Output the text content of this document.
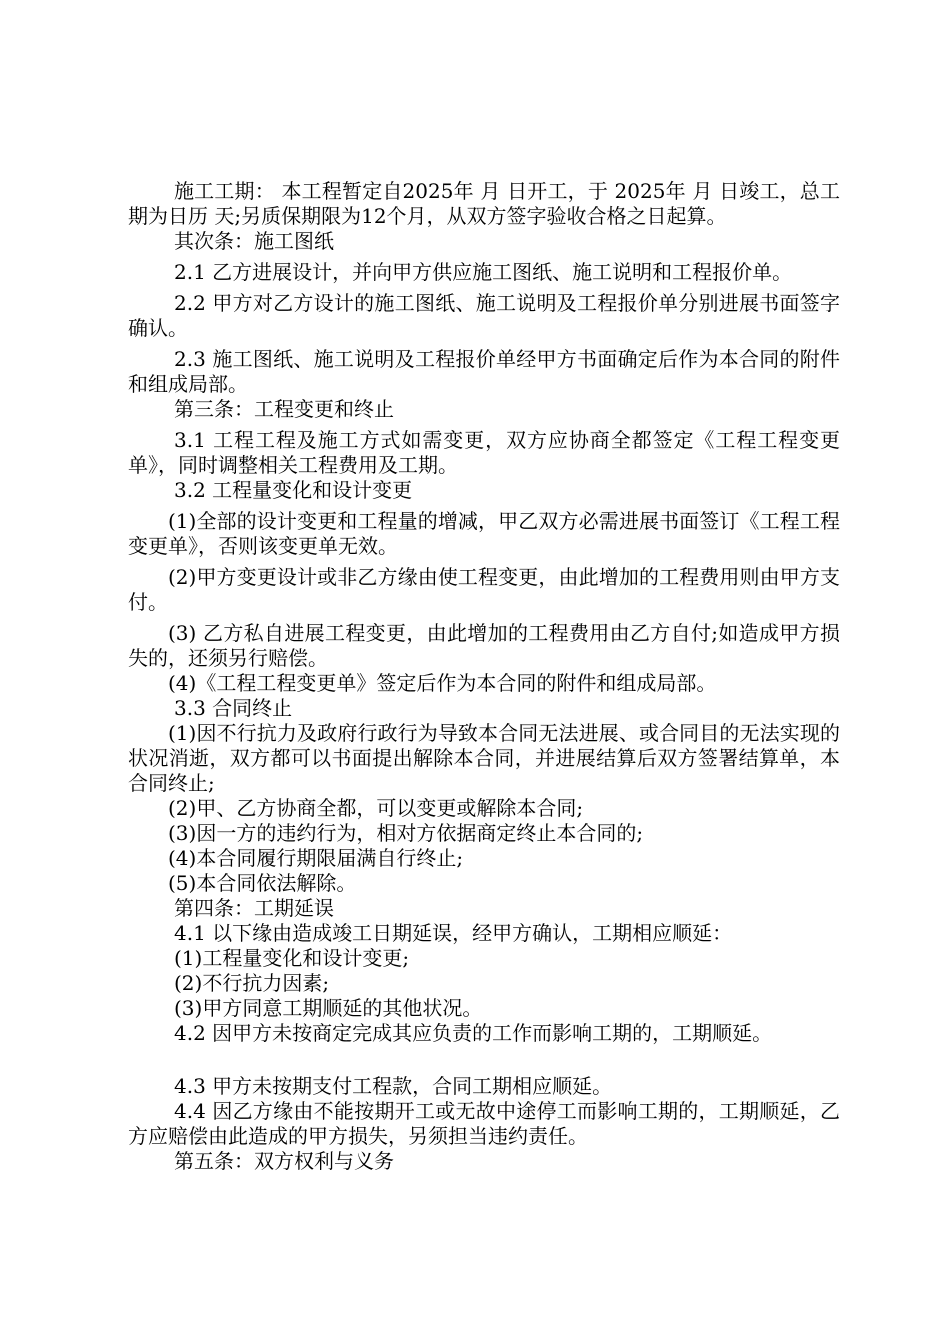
施工工期： 本工程暂定自2025年 月 日开工，于 2025年 月 日竣工，总工期为日历 天;另质保期限为12个月，从双方签字验收合格之日起算。

其次条：施工图纸

2.1 乙方进展设计，并向甲方供应施工图纸、施工说明和工程报价单。

2.2 甲方对乙方设计的施工图纸、施工说明及工程报价单分别进展书面签字确认。

2.3 施工图纸、施工说明及工程报价单经甲方书面确定后作为本合同的附件和组成局部。

第三条：工程变更和终止

3.1 工程工程及施工方式如需变更，双方应协商全都签定《工程工程变更单》，同时调整相关工程费用及工期。

3.2 工程量变化和设计变更

(1)全部的设计变更和工程量的增减，甲乙双方必需进展书面签订《工程工程变更单》，否则该变更单无效。

(2)甲方变更设计或非乙方缘由使工程变更，由此增加的工程费用则由甲方支付。

(3) 乙方私自进展工程变更，由此增加的工程费用由乙方自付;如造成甲方损失的，还须另行赔偿。

(4)《工程工程变更单》签定后作为本合同的附件和组成局部。

3.3 合同终止

(1)因不行抗力及政府行政行为导致本合同无法进展、或合同目的无法实现的状况消逝，双方都可以书面提出解除本合同，并进展结算后双方签署结算单，本合同终止;

(2)甲、乙方协商全都，可以变更或解除本合同;

(3)因一方的违约行为，相对方依据商定终止本合同的;

(4)本合同履行期限届满自行终止;

(5)本合同依法解除。

第四条：工期延误

4.1 以下缘由造成竣工日期延误，经甲方确认，工期相应顺延：

(1)工程量变化和设计变更;

(2)不行抗力因素;

(3)甲方同意工期顺延的其他状况。

4.2 因甲方未按商定完成其应负责的工作而影响工期的，工期顺延。

4.3 甲方未按期支付工程款，合同工期相应顺延。

4.4 因乙方缘由不能按期开工或无故中途停工而影响工期的，工期顺延，乙方应赔偿由此造成的甲方损失，另须担当违约责任。

第五条：双方权利与义务
